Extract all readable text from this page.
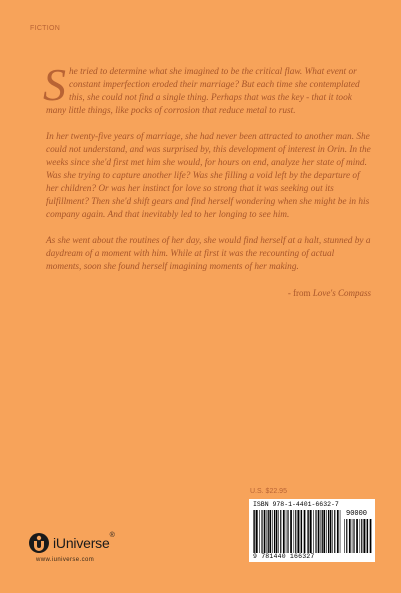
FICTION

She tried to determine what she imagined to be the critical flaw. What event or constant imperfection eroded their marriage? But each time she contemplated this, she could not find a single thing. Perhaps that was the key - that it took many little things, like pocks of corrosion that reduce metal to rust.

In her twenty-five years of marriage, she had never been attracted to another man. She could not understand, and was surprised by, this development of interest in Orin. In the weeks since she'd first met him she would, for hours on end, analyze her state of mind. Was she trying to capture another life? Was she filling a void left by the departure of her children? Or was her instinct for love so strong that it was seeking out its fulfillment? Then she'd shift gears and find herself wondering when she might be in his company again. And that inevitably led to her longing to see him.

As she went about the routines of her day, she would find herself at a halt, stunned by a daydream of a moment with him. While at first it was the recounting of actual moments, soon she found herself imagining moments of her making.

- from Love's Compass

U.S. $22.95
ISBN 978-1-4401-6632-7
90000
9 781440 166327
iUniverse ®
www.iuniverse.com
